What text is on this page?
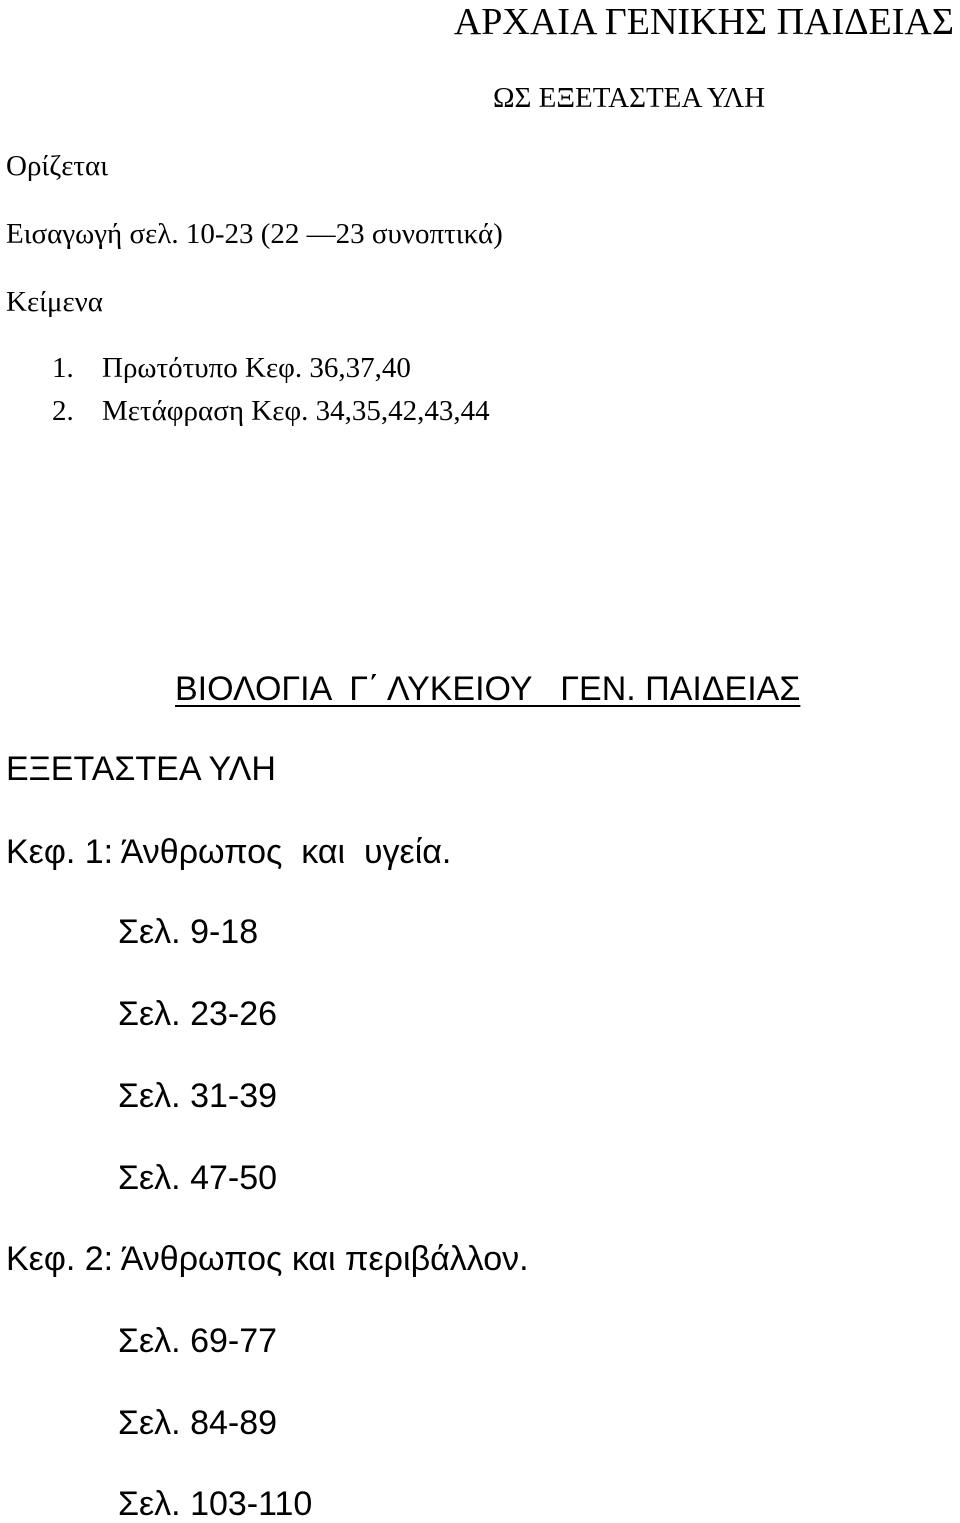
ΑΡΧΑΙΑ ΓΕΝΙΚΗΣ ΠΑΙΔΕΙΑΣ
ΩΣ ΕΞΕΤΑΣΤΕΑ ΥΛΗ
Ορίζεται
Εισαγωγή σελ. 10-23 (22 —23 συνοπτικά)
Κείμενα
1. Πρωτότυπο Κεφ. 36,37,40
2. Μετάφραση Κεφ. 34,35,42,43,44
ΒΙΟΛΟΓΙΑ  Γ΄ ΛΥΚΕΙΟΥ   ΓΕΝ. ΠΑΙΔΕΙΑΣ
ΕΞΕΤΑΣΤΕΑ ΥΛΗ
Κεφ. 1: Άνθρωπος  και  υγεία.
Σελ. 9-18
Σελ. 23-26
Σελ. 31-39
Σελ. 47-50
Κεφ. 2: Άνθρωπος και περιβάλλον.
Σελ. 69-77
Σελ. 84-89
Σελ. 103-110
